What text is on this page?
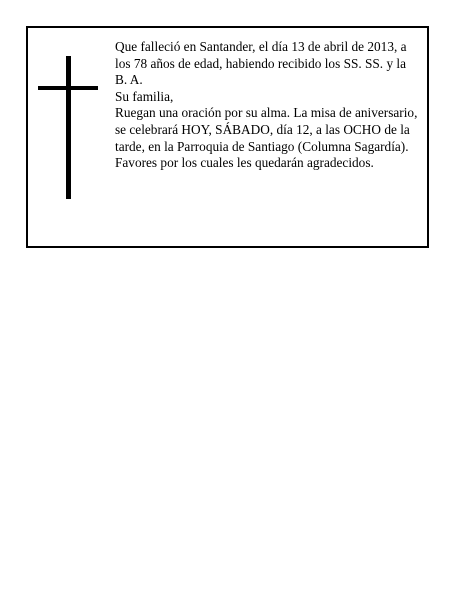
Que falleció en Santander, el día 13 de abril de 2013, a los 78 años de edad, habiendo recibido los SS. SS. y la B. A.

Su familia,

Ruegan una oración por su alma. La misa de aniversario, se celebrará HOY, SÁBADO, día 12, a las OCHO de la tarde, en la Parroquia de Santiago (Columna Sagardía). Favores por los cuales les quedarán agradecidos.
